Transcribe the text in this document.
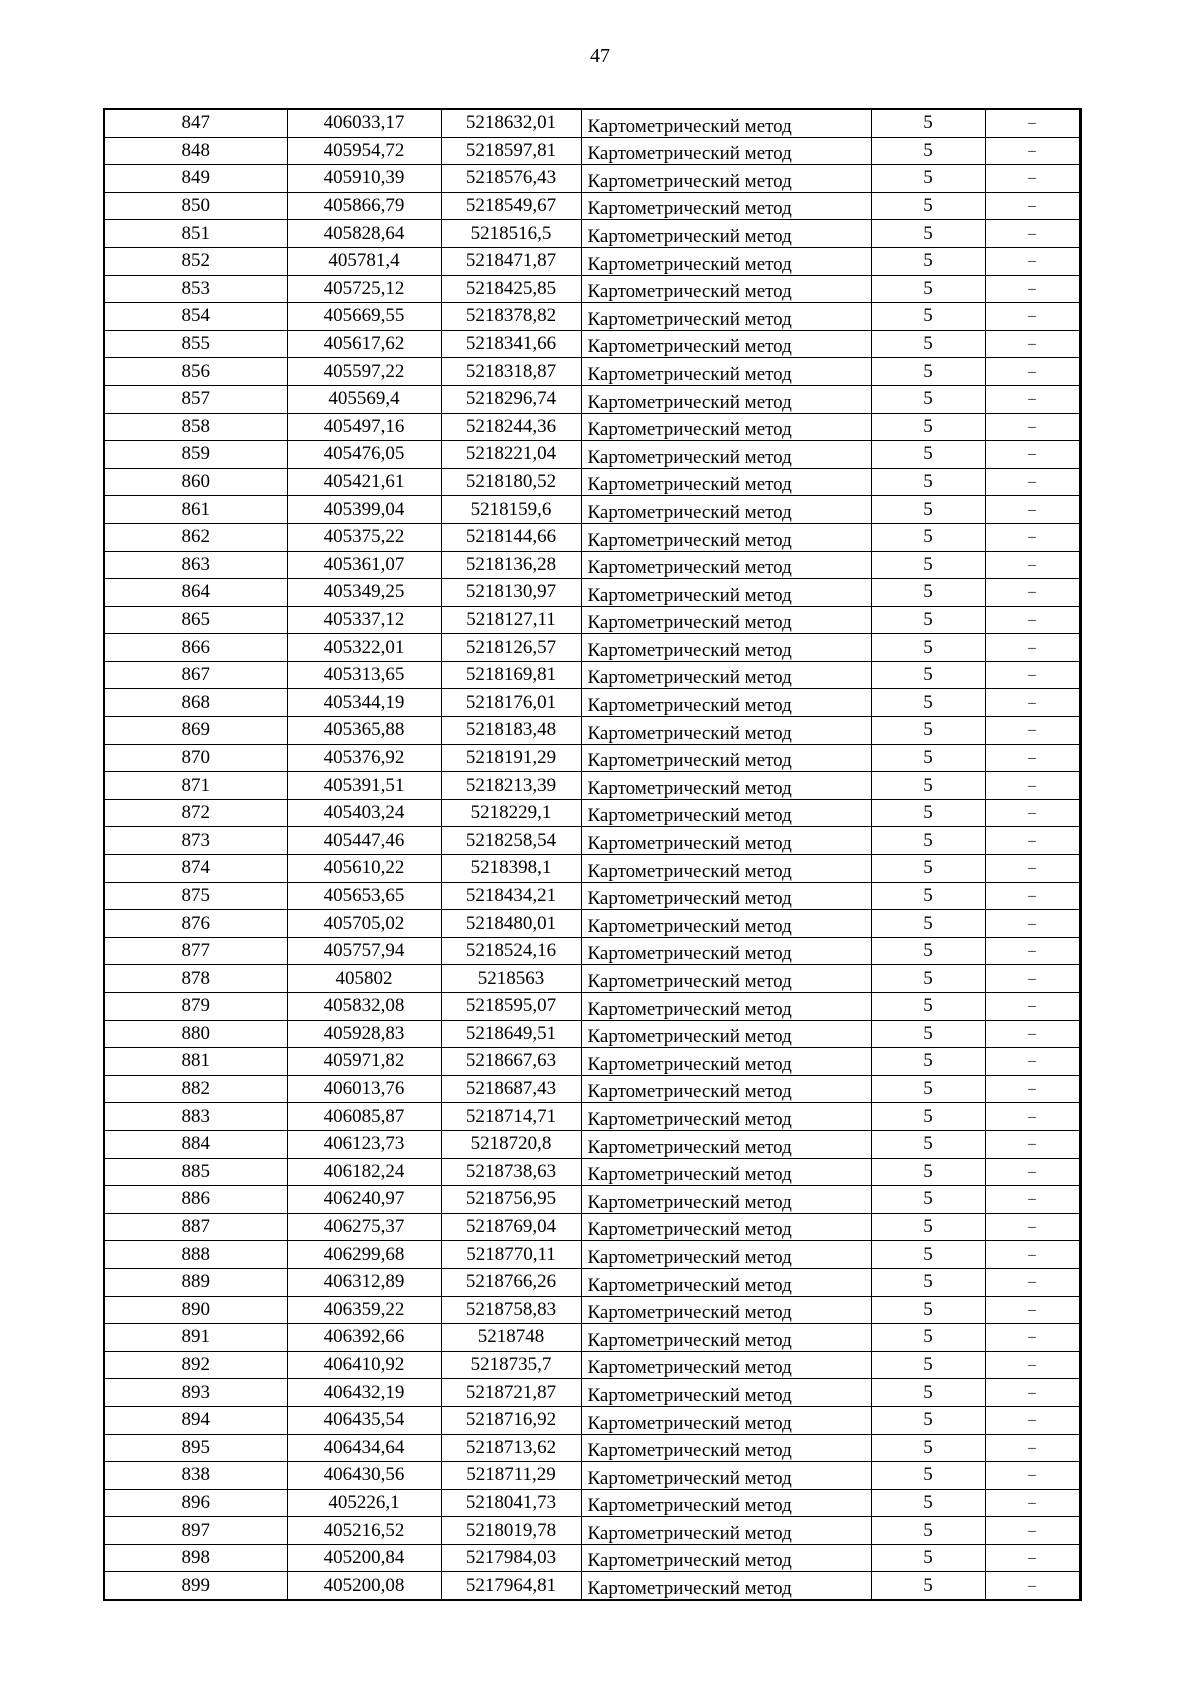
47
847	406033,17	5218632,01	Картометрический метод	5	–
848	405954,72	5218597,81	Картометрический метод	5	–
849	405910,39	5218576,43	Картометрический метод	5	–
850	405866,79	5218549,67	Картометрический метод	5	–
851	405828,64	5218516,5	Картометрический метод	5	–
852	405781,4	5218471,87	Картометрический метод	5	–
853	405725,12	5218425,85	Картометрический метод	5	–
854	405669,55	5218378,82	Картометрический метод	5	–
855	405617,62	5218341,66	Картометрический метод	5	–
856	405597,22	5218318,87	Картометрический метод	5	–
857	405569,4	5218296,74	Картометрический метод	5	–
858	405497,16	5218244,36	Картометрический метод	5	–
859	405476,05	5218221,04	Картометрический метод	5	–
860	405421,61	5218180,52	Картометрический метод	5	–
861	405399,04	5218159,6	Картометрический метод	5	–
862	405375,22	5218144,66	Картометрический метод	5	–
863	405361,07	5218136,28	Картометрический метод	5	–
864	405349,25	5218130,97	Картометрический метод	5	–
865	405337,12	5218127,11	Картометрический метод	5	–
866	405322,01	5218126,57	Картометрический метод	5	–
867	405313,65	5218169,81	Картометрический метод	5	–
868	405344,19	5218176,01	Картометрический метод	5	–
869	405365,88	5218183,48	Картометрический метод	5	–
870	405376,92	5218191,29	Картометрический метод	5	–
871	405391,51	5218213,39	Картометрический метод	5	–
872	405403,24	5218229,1	Картометрический метод	5	–
873	405447,46	5218258,54	Картометрический метод	5	–
874	405610,22	5218398,1	Картометрический метод	5	–
875	405653,65	5218434,21	Картометрический метод	5	–
876	405705,02	5218480,01	Картометрический метод	5	–
877	405757,94	5218524,16	Картометрический метод	5	–
878	405802	5218563	Картометрический метод	5	–
879	405832,08	5218595,07	Картометрический метод	5	–
880	405928,83	5218649,51	Картометрический метод	5	–
881	405971,82	5218667,63	Картометрический метод	5	–
882	406013,76	5218687,43	Картометрический метод	5	–
883	406085,87	5218714,71	Картометрический метод	5	–
884	406123,73	5218720,8	Картометрический метод	5	–
885	406182,24	5218738,63	Картометрический метод	5	–
886	406240,97	5218756,95	Картометрический метод	5	–
887	406275,37	5218769,04	Картометрический метод	5	–
888	406299,68	5218770,11	Картометрический метод	5	–
889	406312,89	5218766,26	Картометрический метод	5	–
890	406359,22	5218758,83	Картометрический метод	5	–
891	406392,66	5218748	Картометрический метод	5	–
892	406410,92	5218735,7	Картометрический метод	5	–
893	406432,19	5218721,87	Картометрический метод	5	–
894	406435,54	5218716,92	Картометрический метод	5	–
895	406434,64	5218713,62	Картометрический метод	5	–
838	406430,56	5218711,29	Картометрический метод	5	–
896	405226,1	5218041,73	Картометрический метод	5	–
897	405216,52	5218019,78	Картометрический метод	5	–
898	405200,84	5217984,03	Картометрический метод	5	–
899	405200,08	5217964,81	Картометрический метод	5	–
